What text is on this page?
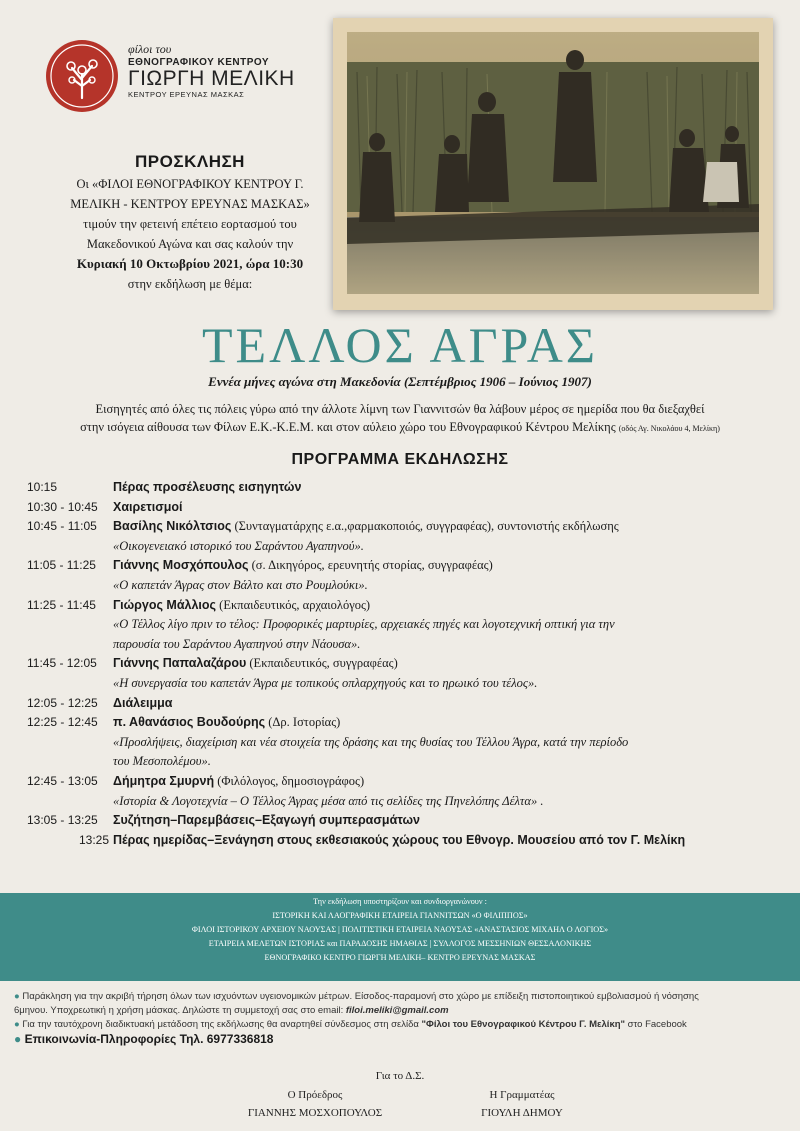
φίλοι του
ΕΘΝΟΓΡΑΦΙΚΟΥ ΚΕΝΤΡΟΥ
ΓΙΩΡΓΗ ΜΕΛΙΚΗ
ΚΕΝΤΡΟΥ ΕΡΕΥΝΑΣ ΜΑΣΚΑΣ
ΠΡΟΣΚΛΗΣΗ
Οι «ΦΙΛΟΙ ΕΘΝΟΓΡΑΦΙΚΟΥ ΚΕΝΤΡΟΥ Γ.
ΜΕΛΙΚΗ - ΚΕΝΤΡΟΥ ΕΡΕΥΝΑΣ ΜΑΣΚΑΣ»
τιμούν την φετεινή επέτειο εορτασμού του
Μακεδονικού Αγώνα και σας καλούν την
Κυριακή 10 Οκτωβρίου 2021, ώρα 10:30
στην εκδήλωση με θέμα:
ΤΕΛΛΟΣ ΑΓΡΑΣ
Εννέα μήνες αγώνα στη Μακεδονία (Σεπτέμβριος 1906 – Ιούνιος 1907)
Εισηγητές από όλες τις πόλεις γύρω από την άλλοτε λίμνη των Γιαννιτσών θα λάβουν μέρος σε ημερίδα που θα διεξαχθεί
στην ισόγεια αίθουσα των Φίλων Ε.Κ.-Κ.Ε.Μ. και στον αύλειο χώρο του Εθνογραφικού Κέντρου Μελίκης (οδός Αγ. Νικολάου 4, Μελίκη)
ΠΡΟΓΡΑΜΜΑ ΕΚΔΗΛΩΣΗΣ
10:15	Πέρας προσέλευσης εισηγητών
10:30 - 10:45	Χαιρετισμοί
10:45 - 11:05	Βασίλης Νικόλτσιος (Συνταγματάρχης ε.α.,φαρμακοποιός, συγγραφέας), συντονιστής εκδήλωσης
«Οικογενειακό ιστορικό του Σαράντου Αγαπηνού».
11:05 - 11:25	Γιάννης Μοσχόπουλος (σ. Δικηγόρος, ερευνητής στορίας, συγγραφέας)
«Ο καπετάν Άγρας στον Βάλτο και στο Ρουμλούκι».
11:25 - 11:45	Γιώργος Μάλλιος (Εκπαιδευτικός, αρχαιολόγος)
«Ο Τέλλος λίγο πριν το τέλος: Προφορικές μαρτυρίες, αρχειακές πηγές και λογοτεχνική οπτική για την
παρουσία του Σαράντου Αγαπηνού στην Νάουσα».
11:45 - 12:05	Γιάννης Παπαλαζάρου (Εκπαιδευτικός, συγγραφέας)
«Η συνεργασία του καπετάν Άγρα με τοπικούς οπλαρχηγούς και το ηρωικό του τέλος».
12:05 - 12:25	Διάλειμμα
12:25 - 12:45	π. Αθανάσιος Βουδούρης (Δρ. Ιστορίας)
«Προσλήψεις, διαχείριση και νέα στοιχεία της δράσης και της θυσίας του Τέλλου Άγρα, κατά την περίοδο
του Μεσοπολέμου».
12:45 - 13:05	Δήμητρα Σμυρνή (Φιλόλογος, δημοσιογράφος)
«Ιστορία & Λογοτεχνία – Ο Τέλλος Άγρας μέσα από τις σελίδες της Πηνελόπης Δέλτα» .
13:05 - 13:25	Συζήτηση–Παρεμβάσεις–Εξαγωγή συμπερασμάτων
13:25 Πέρας ημερίδας–Ξενάγηση στους εκθεσιακούς χώρους του Εθνογρ. Μουσείου από τον Γ. Μελίκη
Την εκδήλωση υποστηρίζουν και συνδιοργανώνουν :
ΙΣΤΟΡΙΚΗ ΚΑΙ ΛΑΟΓΡΑΦΙΚΗ ΕΤΑΙΡΕΙΑ ΓΙΑΝΝΙΤΣΩΝ «Ο ΦΙΛΙΠΠΟΣ»
ΦΙΛΟΙ ΙΣΤΟΡΙΚΟΥ ΑΡΧΕΙΟΥ ΝΑΟΥΣΑΣ | ΠΟΛΙΤΙΣΤΙΚΗ ΕΤΑΙΡΕΙΑ ΝΑΟΥΣΑΣ «ΑΝΑΣΤΑΣΙΟΣ ΜΙΧΑΗΛ Ο ΛΟΓΙΟΣ»
ΕΤΑΙΡΕΙΑ ΜΕΛΕΤΩΝ ΙΣΤΟΡΙΑΣ και ΠΑΡΑΔΟΣΗΣ ΗΜΑΘΙΑΣ | ΣΥΛΛΟΓΟΣ ΜΕΣΣΗΝΙΩΝ ΘΕΣΣΑΛΟΝΙΚΗΣ
ΕΘΝΟΓΡΑΦΙΚΟ ΚΕΝΤΡΟ ΓΙΩΡΓΗ ΜΕΛΙΚΗ– ΚΕΝΤΡΟ ΕΡΕΥΝΑΣ ΜΑΣΚΑΣ
● Παράκληση για την ακριβή τήρηση όλων των ισχυόντων υγειονομικών μέτρων. Είσοδος-παραμονή στο χώρο με επίδειξη πιστοποιητικού εμβολιασμού ή νόσησης
6μηνου. Υποχρεωτική η χρήση μάσκας. Δηλώστε τη συμμετοχή σας στο email: filoi.meliki@gmail.com
● Για την ταυτόχρονη διαδικτυακή μετάδοση της εκδήλωσης θα αναρτηθεί σύνδεσμος στη σελίδα "Φίλοι του Εθνογραφικού Κέντρου Γ. Μελίκη" στο Facebook
● Επικοινωνία-Πληροφορίες Τηλ. 6977336818
Για το Δ.Σ.
Ο Πρόεδρος
ΓΙΑΝΝΗΣ ΜΟΣΧΟΠΟΥΛΟΣ
Η Γραμματέας
ΓΙΟΥΛΗ ΔΗΜΟΥ
